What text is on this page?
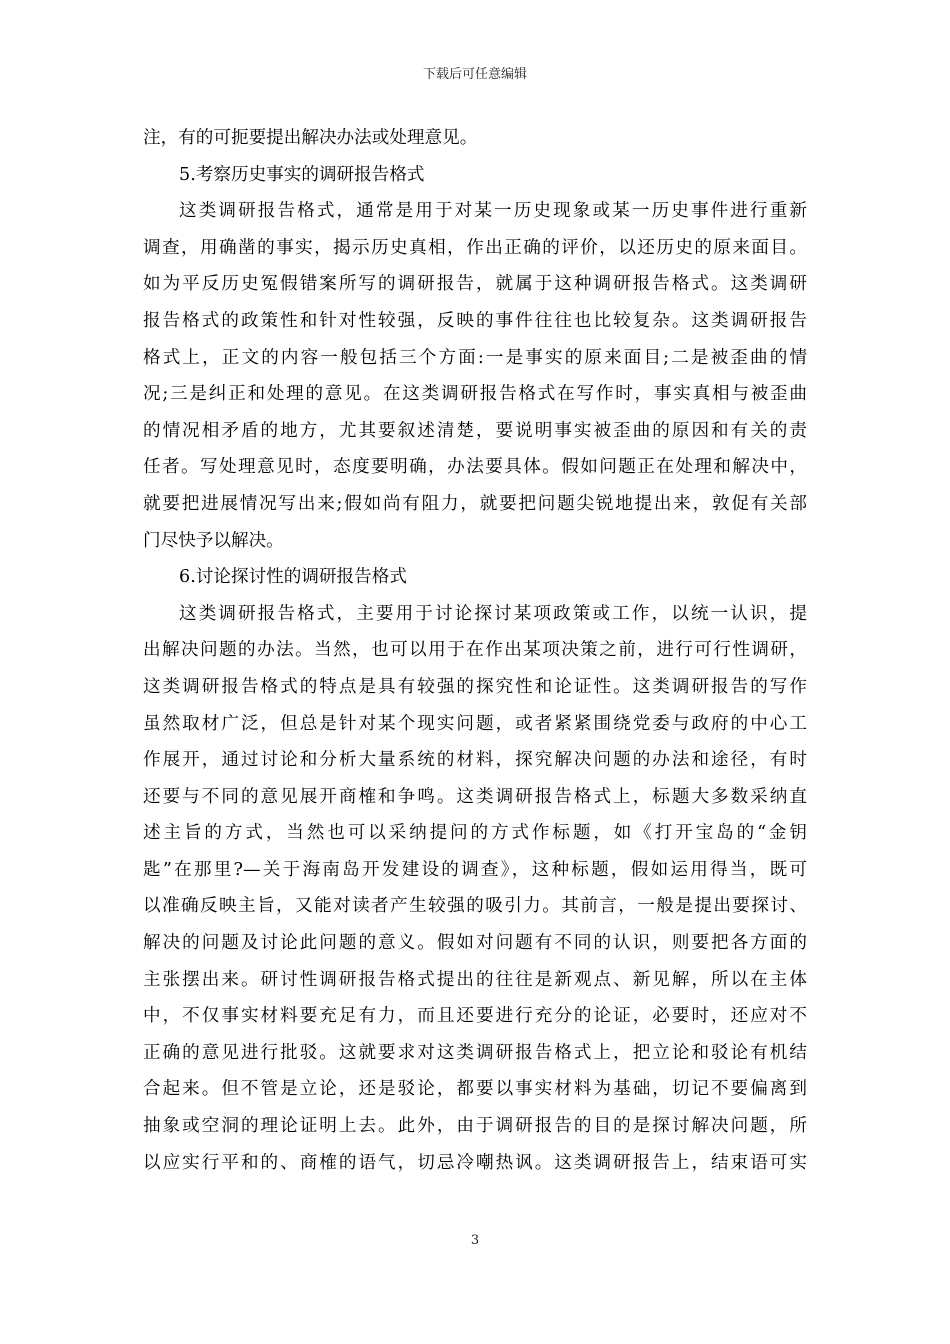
下载后可任意编辑
注，有的可扼要提出解决办法或处理意见。
5.考察历史事实的调研报告格式
这类调研报告格式，通常是用于对某一历史现象或某一历史事件进行重新
调查，用确凿的事实，揭示历史真相，作出正确的评价，以还历史的原来面目。
如为平反历史冤假错案所写的调研报告，就属于这种调研报告格式。这类调研
报告格式的政策性和针对性较强，反映的事件往往也比较复杂。这类调研报告
格式上，正文的内容一般包括三个方面:一是事实的原来面目;二是被歪曲的情
况;三是纠正和处理的意见。在这类调研报告格式在写作时，事实真相与被歪曲
的情况相矛盾的地方，尤其要叙述清楚，要说明事实被歪曲的原因和有关的责
任者。写处理意见时，态度要明确，办法要具体。假如问题正在处理和解决中，
就要把进展情况写出来;假如尚有阻力，就要把问题尖锐地提出来，敦促有关部
门尽快予以解决。
6.讨论探讨性的调研报告格式
这类调研报告格式，主要用于讨论探讨某项政策或工作，以统一认识，提
出解决问题的办法。当然，也可以用于在作出某项决策之前，进行可行性调研，
这类调研报告格式的特点是具有较强的探究性和论证性。这类调研报告的写作
虽然取材广泛，但总是针对某个现实问题，或者紧紧围绕党委与政府的中心工
作展开，通过讨论和分析大量系统的材料，探究解决问题的办法和途径，有时
还要与不同的意见展开商榷和争鸣。这类调研报告格式上，标题大多数采纳直
述主旨的方式，当然也可以采纳提问的方式作标题，如《打开宝岛的“金钥
匙”在那里?—关于海南岛开发建设的调查》，这种标题，假如运用得当，既可
以准确反映主旨，又能对读者产生较强的吸引力。其前言，一般是提出要探讨、
解决的问题及讨论此问题的意义。假如对问题有不同的认识，则要把各方面的
主张摆出来。研讨性调研报告格式提出的往往是新观点、新见解，所以在主体
中，不仅事实材料要充足有力，而且还要进行充分的论证，必要时，还应对不
正确的意见进行批驳。这就要求对这类调研报告格式上，把立论和驳论有机结
合起来。但不管是立论，还是驳论，都要以事实材料为基础，切记不要偏离到
抽象或空洞的理论证明上去。此外，由于调研报告的目的是探讨解决问题，所
以应实行平和的、商榷的语气，切忌冷嘲热讽。这类调研报告上，结束语可实
3
